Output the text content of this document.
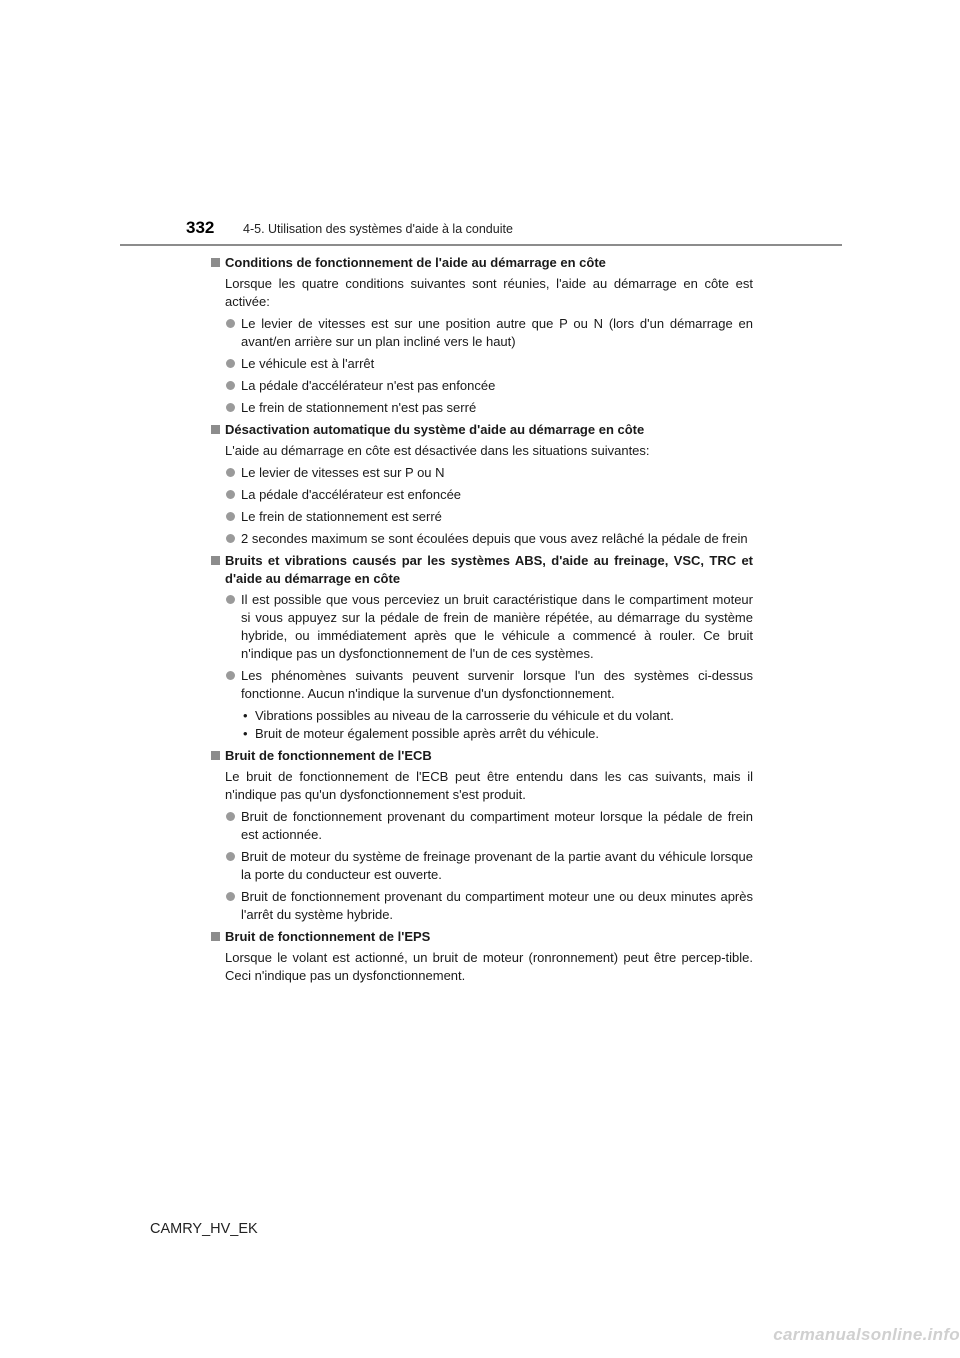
332 4-5. Utilisation des systèmes d'aide à la conduite
Conditions de fonctionnement de l'aide au démarrage en côte
Lorsque les quatre conditions suivantes sont réunies, l'aide au démarrage en côte est activée:
Le levier de vitesses est sur une position autre que P ou N (lors d'un démarrage en avant/en arrière sur un plan incliné vers le haut)
Le véhicule est à l'arrêt
La pédale d'accélérateur n'est pas enfoncée
Le frein de stationnement n'est pas serré
Désactivation automatique du système d'aide au démarrage en côte
L'aide au démarrage en côte est désactivée dans les situations suivantes:
Le levier de vitesses est sur P ou N
La pédale d'accélérateur est enfoncée
Le frein de stationnement est serré
2 secondes maximum se sont écoulées depuis que vous avez relâché la pédale de frein
Bruits et vibrations causés par les systèmes ABS, d'aide au freinage, VSC, TRC et d'aide au démarrage en côte
Il est possible que vous perceviez un bruit caractéristique dans le compartiment moteur si vous appuyez sur la pédale de frein de manière répétée, au démarrage du système hybride, ou immédiatement après que le véhicule a commencé à rouler. Ce bruit n'indique pas un dysfonctionnement de l'un de ces systèmes.
Les phénomènes suivants peuvent survenir lorsque l'un des systèmes ci-dessus fonctionne. Aucun n'indique la survenue d'un dysfonctionnement.
• Vibrations possibles au niveau de la carrosserie du véhicule et du volant.
• Bruit de moteur également possible après arrêt du véhicule.
Bruit de fonctionnement de l'ECB
Le bruit de fonctionnement de l'ECB peut être entendu dans les cas suivants, mais il n'indique pas qu'un dysfonctionnement s'est produit.
Bruit de fonctionnement provenant du compartiment moteur lorsque la pédale de frein est actionnée.
Bruit de moteur du système de freinage provenant de la partie avant du véhicule lorsque la porte du conducteur est ouverte.
Bruit de fonctionnement provenant du compartiment moteur une ou deux minutes après l'arrêt du système hybride.
Bruit de fonctionnement de l'EPS
Lorsque le volant est actionné, un bruit de moteur (ronronnement) peut être percep-tible. Ceci n'indique pas un dysfonctionnement.
CAMRY_HV_EK
carmanualsonline.info
